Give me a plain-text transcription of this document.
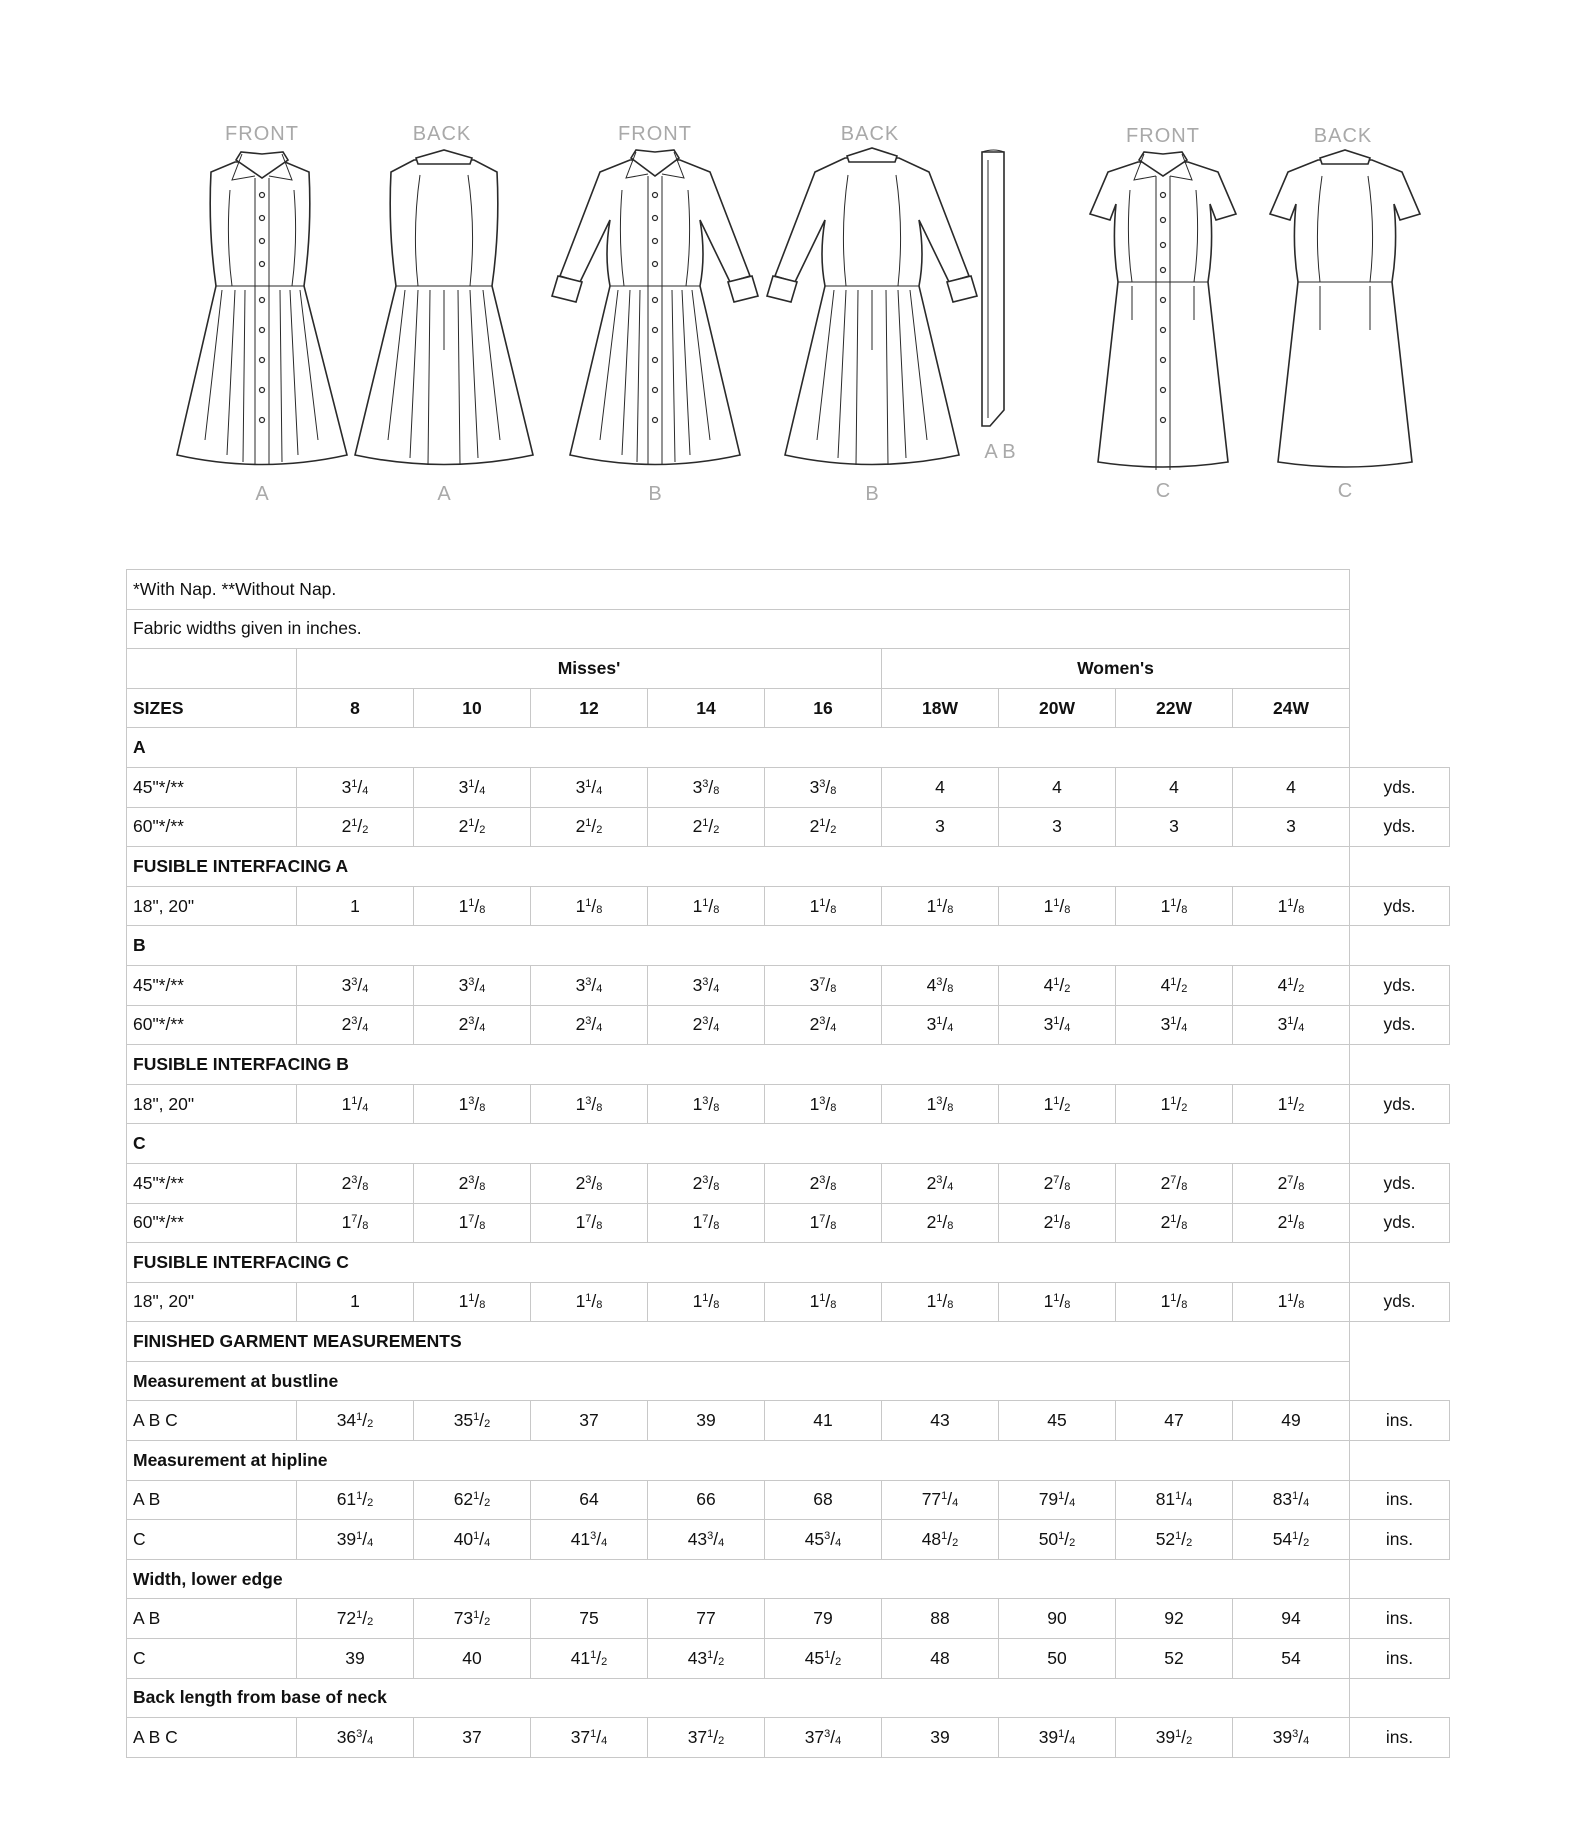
FRONT	BACK	FRONT	BACK	FRONT	BACK
A	A	B	B
A B
C	C
*With Nap. **Without Nap.										
Fabric widths given in inches.										
	Misses'					Women's				
SIZES	8	10	12	14	16	18W	20W	22W	24W	
A										
45"*/**	$3^1/_4$	$3^1/_4$	$3^1/_4$	$3^3/_8$	$3^3/_8$	4	4	4	4	yds.
60"*/**	$2^1/_2$	$2^1/_2$	$2^1/_2$	$2^1/_2$	$2^1/_2$	3	3	3	3	yds.
FUSIBLE INTERFACING A										
18", 20"	1	$1^1/_8$	$1^1/_8$	$1^1/_8$	$1^1/_8$	$1^1/_8$	$1^1/_8$	$1^1/_8$	$1^1/_8$	yds.
B										
45"*/**	$3^3/_4$	$3^3/_4$	$3^3/_4$	$3^3/_4$	$3^7/_8$	$4^3/_8$	$4^1/_2$	$4^1/_2$	$4^1/_2$	yds.
60"*/**	$2^3/_4$	$2^3/_4$	$2^3/_4$	$2^3/_4$	$2^3/_4$	$3^1/_4$	$3^1/_4$	$3^1/_4$	$3^1/_4$	yds.
FUSIBLE INTERFACING B										
18", 20"	$1^1/_4$	$1^3/_8$	$1^3/_8$	$1^3/_8$	$1^3/_8$	$1^3/_8$	$1^1/_2$	$1^1/_2$	$1^1/_2$	yds.
C										
45"*/**	$2^3/_8$	$2^3/_8$	$2^3/_8$	$2^3/_8$	$2^3/_8$	$2^3/_4$	$2^7/_8$	$2^7/_8$	$2^7/_8$	yds.
60"*/**	$1^7/_8$	$1^7/_8$	$1^7/_8$	$1^7/_8$	$1^7/_8$	$2^1/_8$	$2^1/_8$	$2^1/_8$	$2^1/_8$	yds.
FUSIBLE INTERFACING C										
18", 20"	1	$1^1/_8$	$1^1/_8$	$1^1/_8$	$1^1/_8$	$1^1/_8$	$1^1/_8$	$1^1/_8$	$1^1/_8$	yds.
FINISHED GARMENT MEASUREMENTS										
Measurement at bustline										
A B C	$34^1/_2$	$35^1/_2$	37	39	41	43	45	47	49	ins.
Measurement at hipline										
A B	$61^1/_2$	$62^1/_2$	64	66	68	$77^1/_4$	$79^1/_4$	$81^1/_4$	$83^1/_4$	ins.
C	$39^1/_4$	$40^1/_4$	$41^3/_4$	$43^3/_4$	$45^3/_4$	$48^1/_2$	$50^1/_2$	$52^1/_2$	$54^1/_2$	ins.
Width, lower edge										
A B	$72^1/_2$	$73^1/_2$	75	77	79	88	90	92	94	ins.
C	39	40	$41^1/_2$	$43^1/_2$	$45^1/_2$	48	50	52	54	ins.
Back length from base of neck										
A B C	$36^3/_4$	37	$37^1/_4$	$37^1/_2$	$37^3/_4$	39	$39^1/_4$	$39^1/_2$	$39^3/_4$	ins.
